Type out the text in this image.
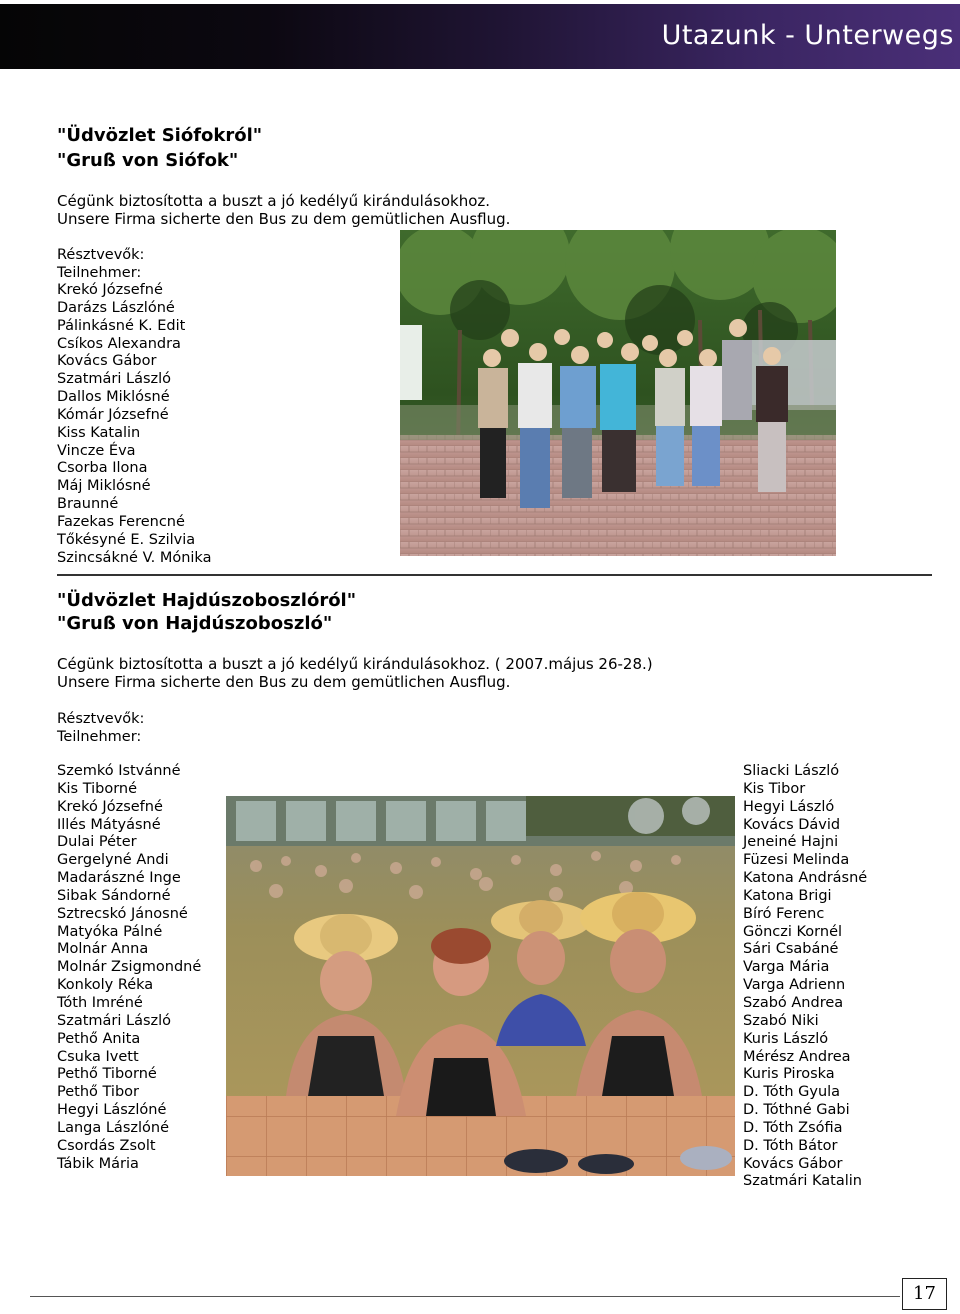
Utazunk - Unterwegs
"Üdvözlet Siófokról"
"Gruß von Siófok"
Cégünk biztosította a buszt a jó kedélyű kirándulásokhoz.
Unsere Firma sicherte den Bus zu dem gemütlichen Ausflug.
Résztvevők:
Teilnehmer:
Krekó Józsefné
Darázs Lászlóné
Pálinkásné K. Edit
Csíkos Alexandra
Kovács Gábor
Szatmári László
Dallos Miklósné
Kómár Józsefné
Kiss Katalin
Vincze Éva
Csorba Ilona
Máj Miklósné
Braunné
Fazekas Ferencné
Tőkésyné E. Szilvia
Szincsákné V. Mónika
"Üdvözlet Hajdúszoboszlóról"
"Gruß von Hajdúszoboszló"
Cégünk biztosította a buszt a jó kedélyű kirándulásokhoz. ( 2007.május 26-28.)
Unsere Firma sicherte den Bus zu dem gemütlichen Ausflug.
Résztvevők:
Teilnehmer:
Szemkó Istvánné
Kis Tiborné
Krekó Józsefné
Illés Mátyásné
Dulai Péter
Gergelyné Andi
Madarászné Inge
Sibak Sándorné
Sztrecskó Jánosné
Matyóka Pálné
Molnár Anna
Molnár Zsigmondné
Konkoly Réka
Tóth Imréné
Szatmári László
Pethő Anita
Csuka Ivett
Pethő Tiborné
Pethő Tibor
Hegyi Lászlóné
Langa Lászlóné
Csordás Zsolt
Tábik Mária
Sliacki László
Kis Tibor
Hegyi László
Kovács Dávid
Jeneiné Hajni
Füzesi Melinda
Katona Andrásné
Katona Brigi
Bíró Ferenc
Gönczi Kornél
Sári Csabáné
Varga Mária
Varga Adrienn
Szabó Andrea
Szabó Niki
Kuris László
Mérész Andrea
Kuris Piroska
D. Tóth Gyula
D. Tóthné Gabi
D. Tóth Zsófia
D. Tóth Bátor
Kovács Gábor
Szatmári Katalin
17
